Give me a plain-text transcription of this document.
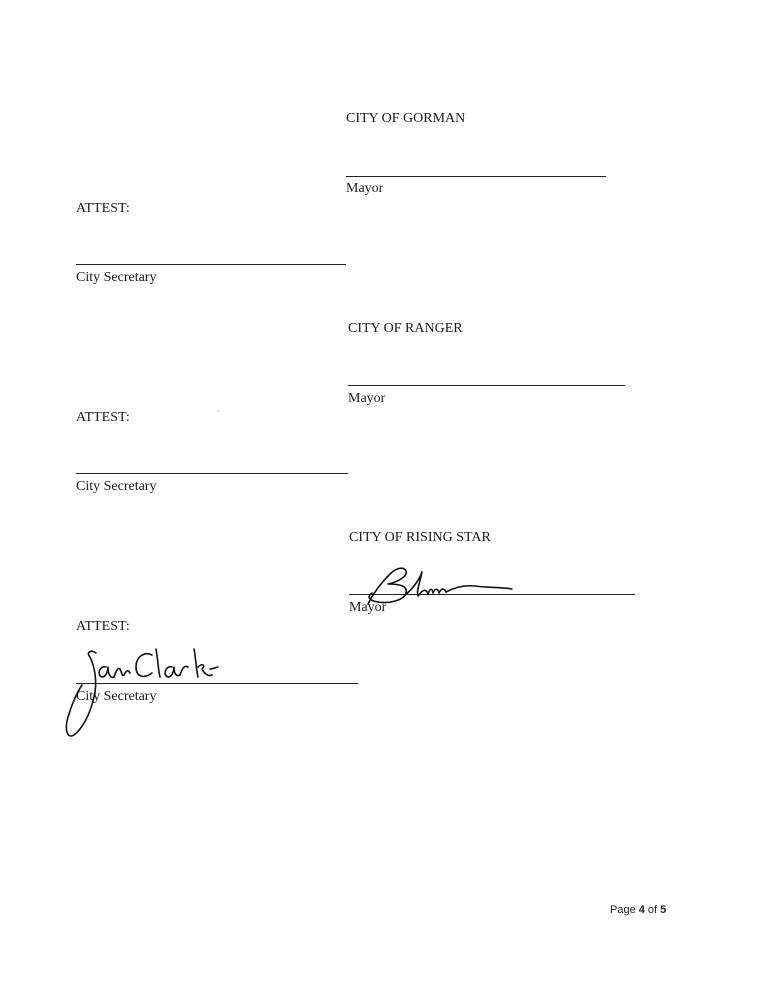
CITY OF GORMAN
Mayor
ATTEST:
City Secretary
CITY OF RANGER
Mayor
ATTEST:
City Secretary
CITY OF RISING STAR
Mayor
ATTEST:
City Secretary
Page 4 of 5
